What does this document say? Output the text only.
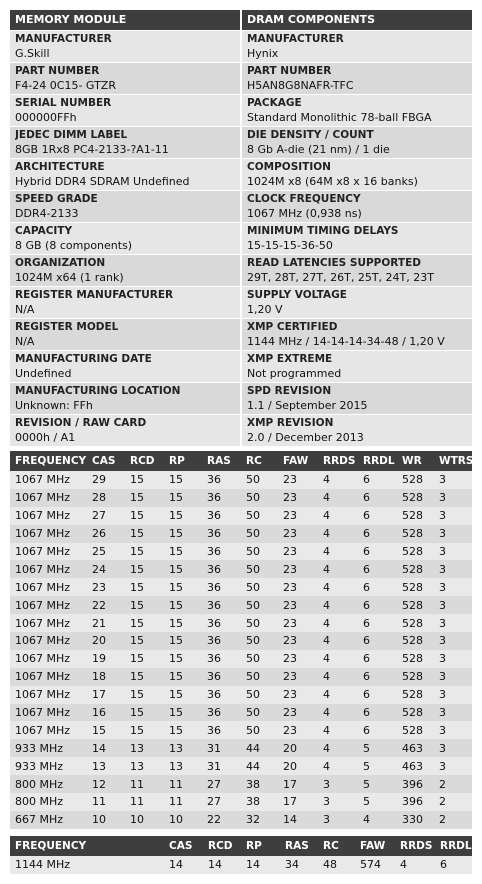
MEMORY MODULE
MANUFACTURER
G.Skill
PART NUMBER
F4-24 0C15- GTZR
SERIAL NUMBER
000000FFh
JEDEC DIMM LABEL
8GB 1Rx8 PC4-2133-?A1-11
ARCHITECTURE
Hybrid DDR4 SDRAM Undefined
SPEED GRADE
DDR4-2133
CAPACITY
8 GB (8 components)
ORGANIZATION
1024M x64 (1 rank)
REGISTER MANUFACTURER
N/A
REGISTER MODEL
N/A
MANUFACTURING DATE
Undefined
MANUFACTURING LOCATION
Unknown: FFh
REVISION / RAW CARD
0000h / A1
DRAM COMPONENTS
MANUFACTURER
Hynix
PART NUMBER
H5AN8G8NAFR-TFC
PACKAGE
Standard Monolithic 78-ball FBGA
DIE DENSITY / COUNT
8 Gb A-die (21 nm) / 1 die
COMPOSITION
1024M x8 (64M x8 x 16 banks)
CLOCK FREQUENCY
1067 MHz (0,938 ns)
MINIMUM TIMING DELAYS
15-15-15-36-50
READ LATENCIES SUPPORTED
29T, 28T, 27T, 26T, 25T, 24T, 23T
SUPPLY VOLTAGE
1,20 V
XMP CERTIFIED
1144 MHz / 14-14-14-34-48 / 1,20 V
XMP EXTREME
Not programmed
SPD REVISION
1.1 / September 2015
XMP REVISION
2.0 / December 2013
FREQUENCY	CAS	RCD	RP	RAS	RC	FAW	RRDS	RRDL	WR	WTRS
1067 MHz	29	15	15	36	50	23	4	6	528	3
1067 MHz	28	15	15	36	50	23	4	6	528	3
1067 MHz	27	15	15	36	50	23	4	6	528	3
1067 MHz	26	15	15	36	50	23	4	6	528	3
1067 MHz	25	15	15	36	50	23	4	6	528	3
1067 MHz	24	15	15	36	50	23	4	6	528	3
1067 MHz	23	15	15	36	50	23	4	6	528	3
1067 MHz	22	15	15	36	50	23	4	6	528	3
1067 MHz	21	15	15	36	50	23	4	6	528	3
1067 MHz	20	15	15	36	50	23	4	6	528	3
1067 MHz	19	15	15	36	50	23	4	6	528	3
1067 MHz	18	15	15	36	50	23	4	6	528	3
1067 MHz	17	15	15	36	50	23	4	6	528	3
1067 MHz	16	15	15	36	50	23	4	6	528	3
1067 MHz	15	15	15	36	50	23	4	6	528	3
933 MHz	14	13	13	31	44	20	4	5	463	3
933 MHz	13	13	13	31	44	20	4	5	463	3
800 MHz	12	11	11	27	38	17	3	5	396	2
800 MHz	11	11	11	27	38	17	3	5	396	2
667 MHz	10	10	10	22	32	14	3	4	330	2
FREQUENCY		CAS	RCD	RP	RAS	RC	FAW	RRDS	RRDL
1144 MHz		14	14	14	34	48	574	4	6
